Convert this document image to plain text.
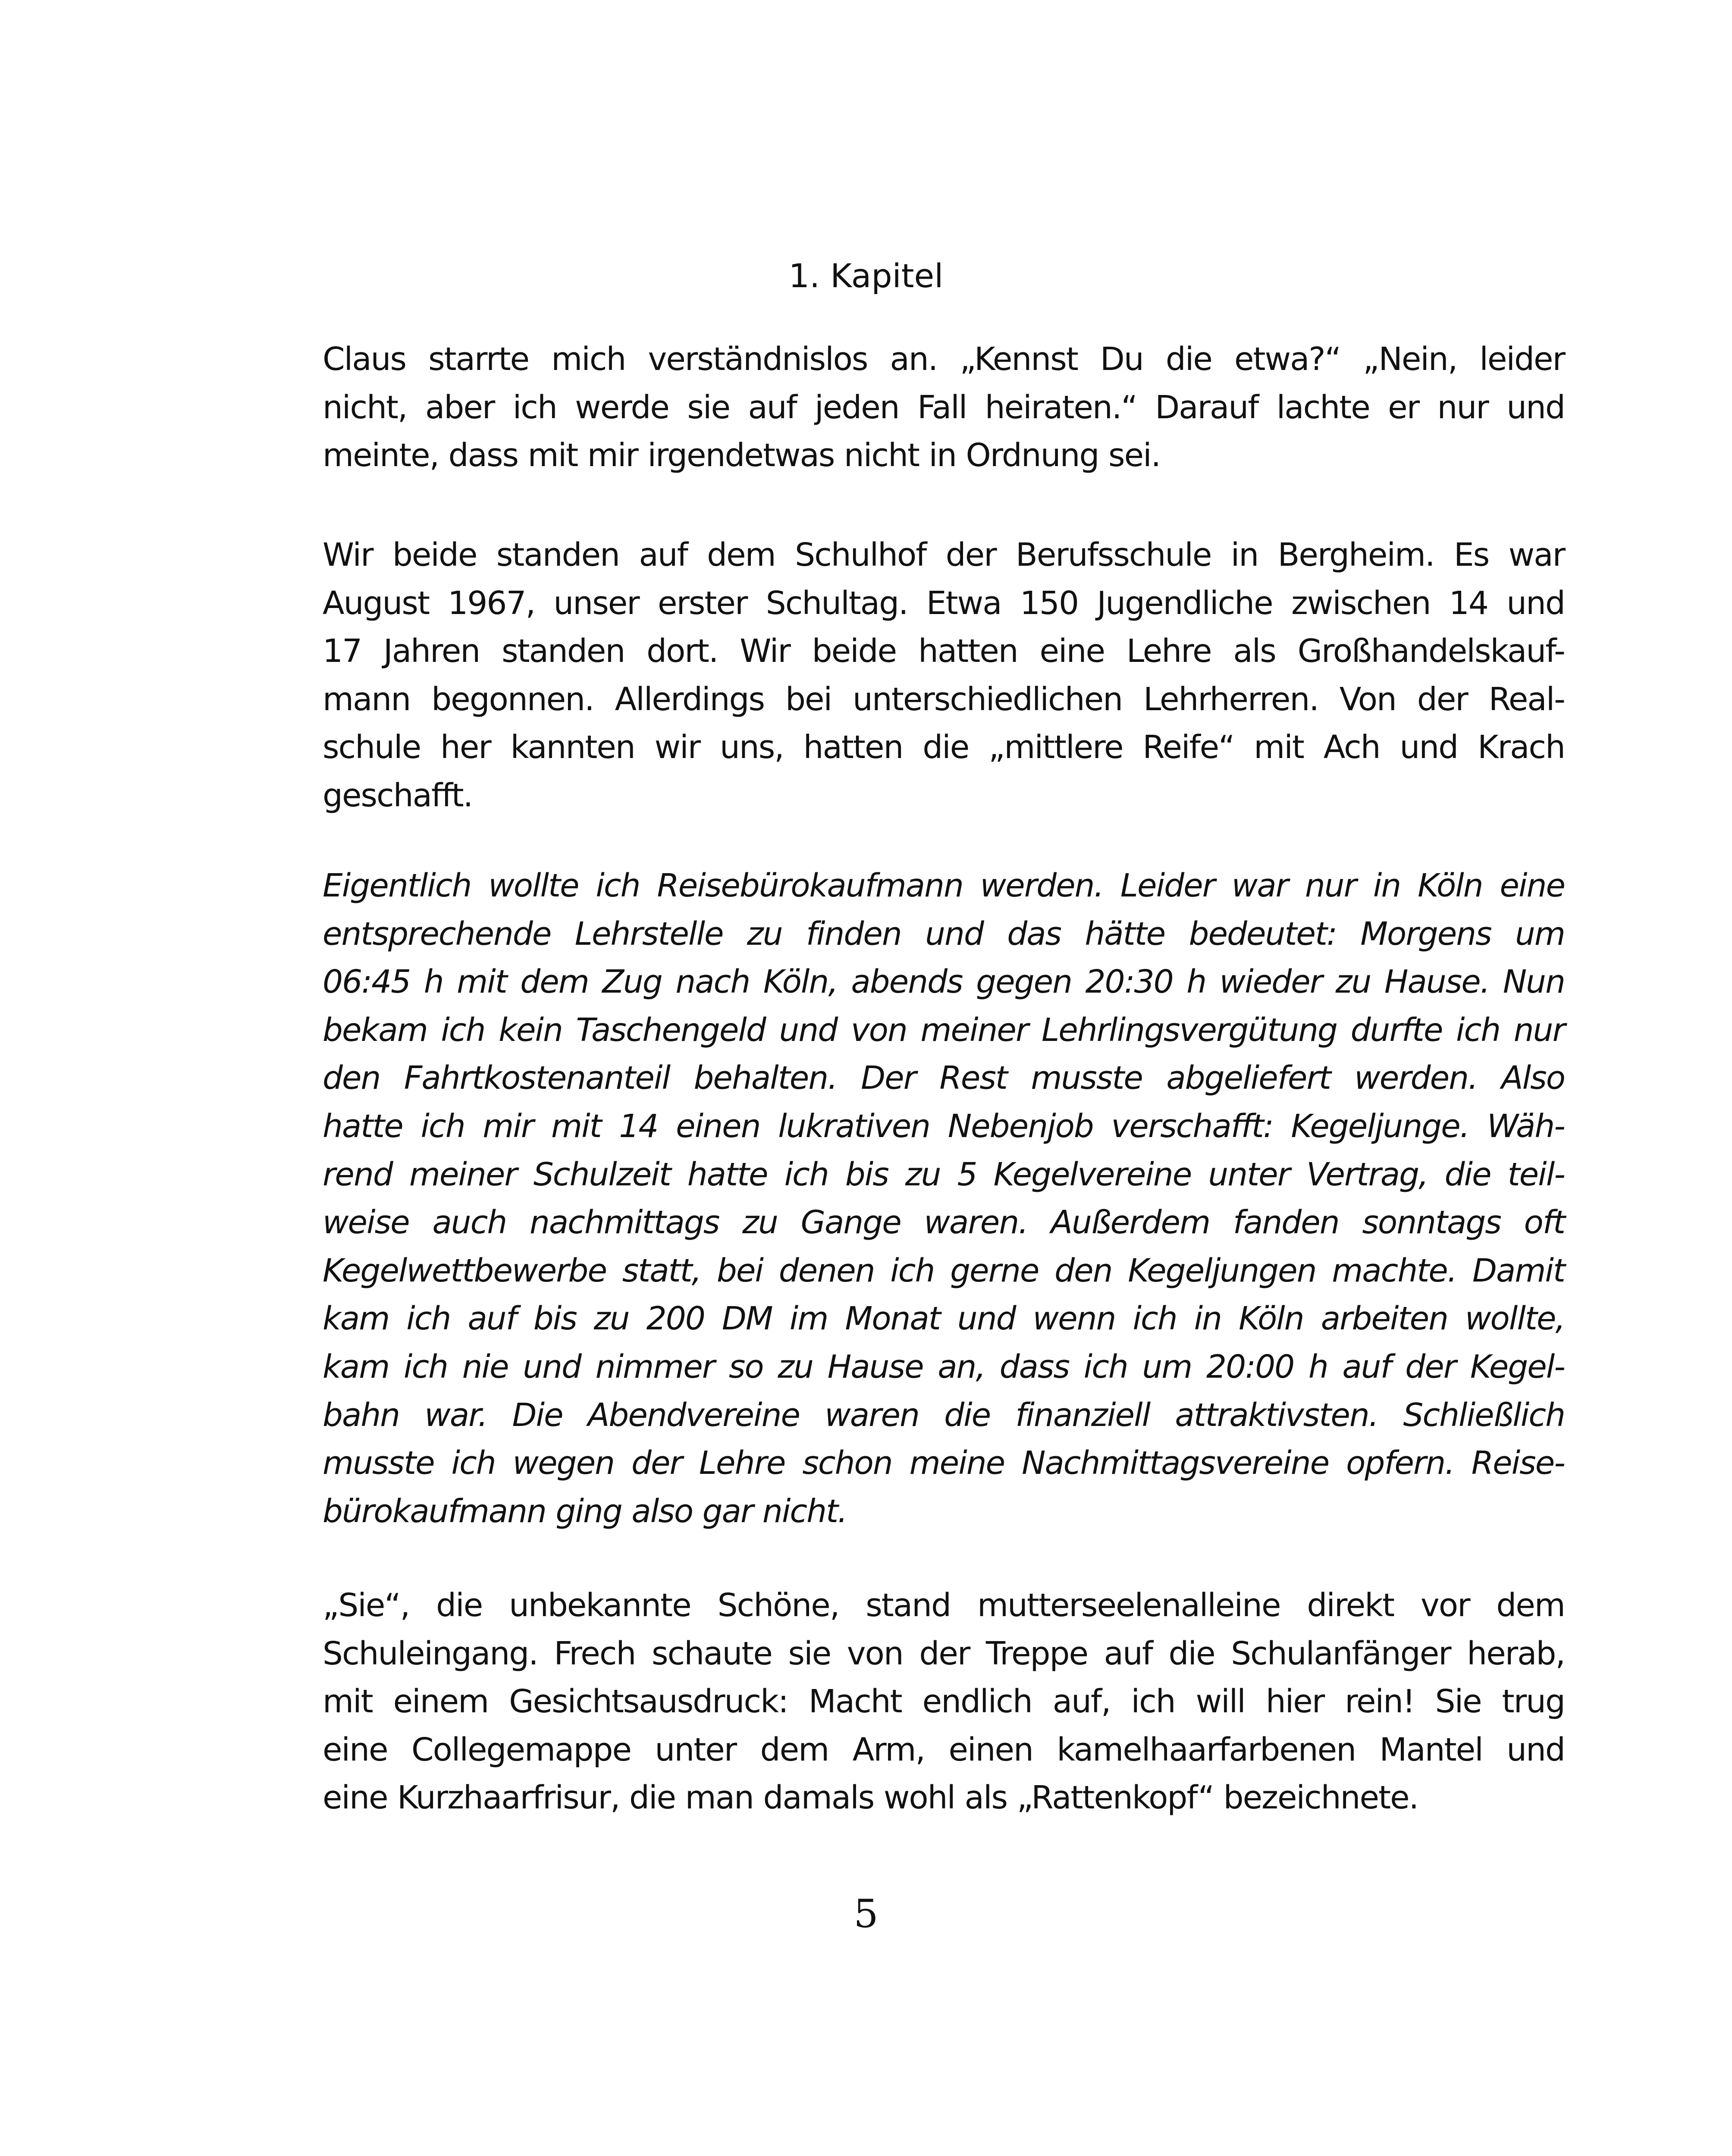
1. Kapitel
Claus starrte mich verständnislos an. „Kennst Du die etwa?“ „Nein, leider
nicht, aber ich werde sie auf jeden Fall heiraten.“ Darauf lachte er nur und
meinte, dass mit mir irgendetwas nicht in Ordnung sei.
Wir beide standen auf dem Schulhof der Berufsschule in Bergheim. Es war
August 1967, unser erster Schultag. Etwa 150 Jugendliche zwischen 14 und
17 Jahren standen dort. Wir beide hatten eine Lehre als Großhandelskauf-
mann begonnen. Allerdings bei unterschiedlichen Lehrherren. Von der Real-
schule her kannten wir uns, hatten die „mittlere Reife“ mit Ach und Krach
geschafft.
Eigentlich wollte ich Reisebürokaufmann werden. Leider war nur in Köln eine
entsprechende Lehrstelle zu finden und das hätte bedeutet: Morgens um
06:45 h mit dem Zug nach Köln, abends gegen 20:30 h wieder zu Hause. Nun
bekam ich kein Taschengeld und von meiner Lehrlingsvergütung durfte ich nur
den Fahrtkostenanteil behalten. Der Rest musste abgeliefert werden. Also
hatte ich mir mit 14 einen lukrativen Nebenjob verschafft: Kegeljunge. Wäh-
rend meiner Schulzeit hatte ich bis zu 5 Kegelvereine unter Vertrag, die teil-
weise auch nachmittags zu Gange waren. Außerdem fanden sonntags oft
Kegelwettbewerbe statt, bei denen ich gerne den Kegeljungen machte. Damit
kam ich auf bis zu 200 DM im Monat und wenn ich in Köln arbeiten wollte,
kam ich nie und nimmer so zu Hause an, dass ich um 20:00 h auf der Kegel-
bahn war. Die Abendvereine waren die finanziell attraktivsten. Schließlich
musste ich wegen der Lehre schon meine Nachmittagsvereine opfern. Reise-
bürokaufmann ging also gar nicht.
„Sie“, die unbekannte Schöne, stand mutterseelenalleine direkt vor dem
Schuleingang. Frech schaute sie von der Treppe auf die Schulanfänger herab,
mit einem Gesichtsausdruck: Macht endlich auf, ich will hier rein! Sie trug
eine Collegemappe unter dem Arm, einen kamelhaarfarbenen Mantel und
eine Kurzhaarfrisur, die man damals wohl als „Rattenkopf“ bezeichnete.
5
